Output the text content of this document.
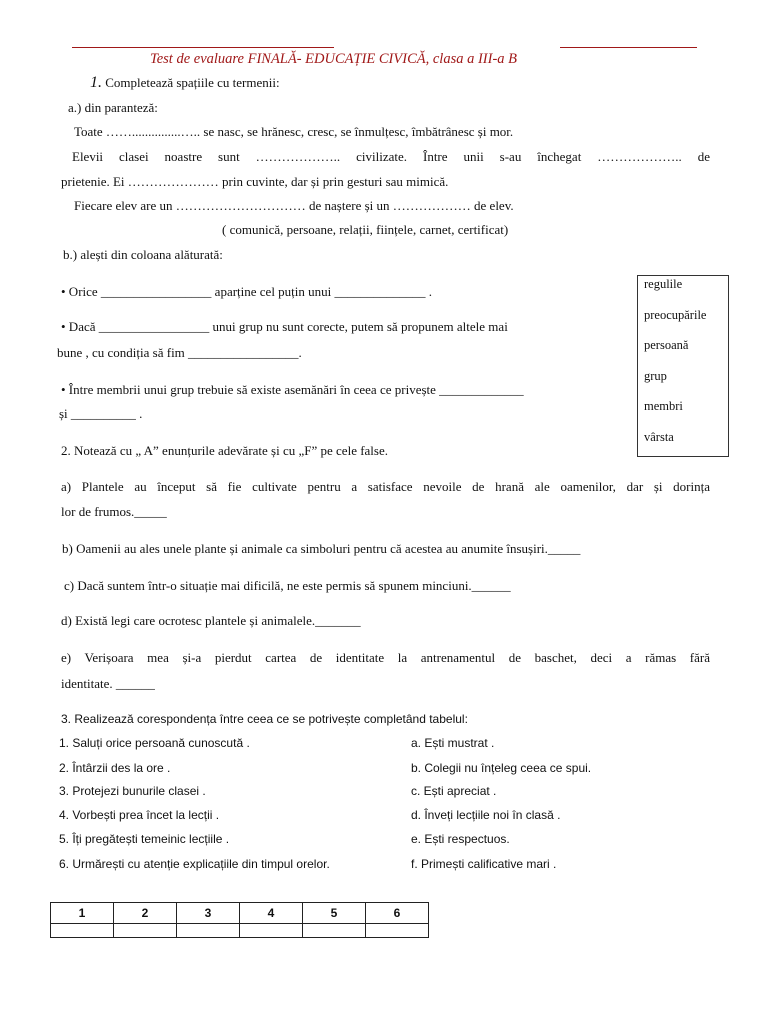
Test de evaluare FINALĂ- EDUCAȚIE CIVICĂ, clasa a III-a B
1. Completează spațiile cu termenii:
a.) din paranteză:
Toate ……...............….. se nasc, se hrănesc, cresc, se înmulțesc, îmbătrânesc și mor.
Elevii clasei noastre sunt ……………….. civilizate. Între unii s-au închegat ……………….. de
prietenie. Ei ………………… prin cuvinte, dar și prin gesturi sau mimică.
Fiecare elev are un ………………………… de naștere și un ……………… de elev.
( comunică, persoane, relații, ființele, carnet, certificat)
b.) alești din coloana alăturată:
• Orice _________________ aparține cel puțin unui ______________ .
• Dacă _________________ unui grup nu sunt corecte, putem să propunem altele mai
bune , cu condiția să fim _________________.
• Între membrii unui grup trebuie să existe asemănări în ceea ce privește _____________
și __________ .
regulile
preocupările
persoană
grup
membri
vârsta
2. Notează cu „ A” enunțurile adevărate și cu „F” pe cele false.
a) Plantele au început să fie cultivate pentru a satisface nevoile de hrană ale oamenilor, dar și dorința
lor de frumos._____
b) Oamenii au ales unele plante și animale ca simboluri pentru că acestea au anumite însușiri._____
c) Dacă suntem într-o situație mai dificilă, ne este permis să spunem minciuni.______
d) Există legi care ocrotesc plantele și animalele._______
e) Verișoara mea și-a pierdut cartea de identitate la antrenamentul de baschet, deci a rămas fără
identitate. ______
3. Realizează corespondența între ceea ce se potrivește completând tabelul:
1. Saluți orice persoană cunoscută .
2. Întârzii des la ore .
3. Protejezi bunurile clasei .
4. Vorbești prea încet la lecții .
5. Îți pregătești temeinic lecțiile .
6. Urmărești cu atenție explicațiile din timpul orelor.
a. Ești mustrat .
b. Colegii nu înțeleg ceea ce spui.
c. Ești apreciat .
d. Înveți lecțiile noi în clasă .
e. Ești respectuos.
f. Primești calificative mari .
1	2	3	4	5	6
